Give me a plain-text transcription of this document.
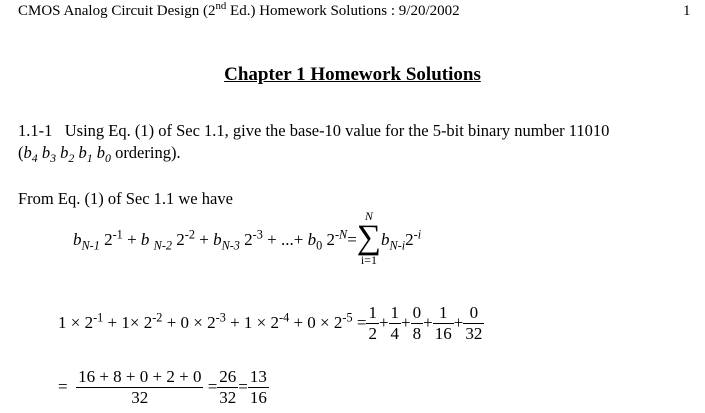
CMOS Analog Circuit Design (2nd Ed.) Homework Solutions : 9/20/2002	1
Chapter 1 Homework Solutions
1.1-1 Using Eq. (1) of Sec 1.1, give the base-10 value for the 5-bit binary number 11010
($b_4$ $b_3$ $b_2$ $b_1$ $b_0$ ordering).
From Eq. (1) of Sec 1.1 we have
$b_{N-1}$ $2^{-1} + b$ $_{N-2}$ $2^{-2} + b_{N-3}$ $2^{-3}$ + ...+ $b_0$ $2^{-N}=$
N
∑
i=1
$b_{N-i}2^{-i}$
$1 \times 2^{-1} + 1\times 2^{-2} + 0 \times 2^{-3} + 1 \times 2^{-4} + 0 \times 2^{-5} = \frac{1}{2} + \frac{1}{4} + \frac{0}{8} + \frac{1}{16} + \frac{0}{32}$
= $\frac{16 + 8 + 0 + 2 + 0}{32} = \frac{26}{32} = \frac{13}{16}$
